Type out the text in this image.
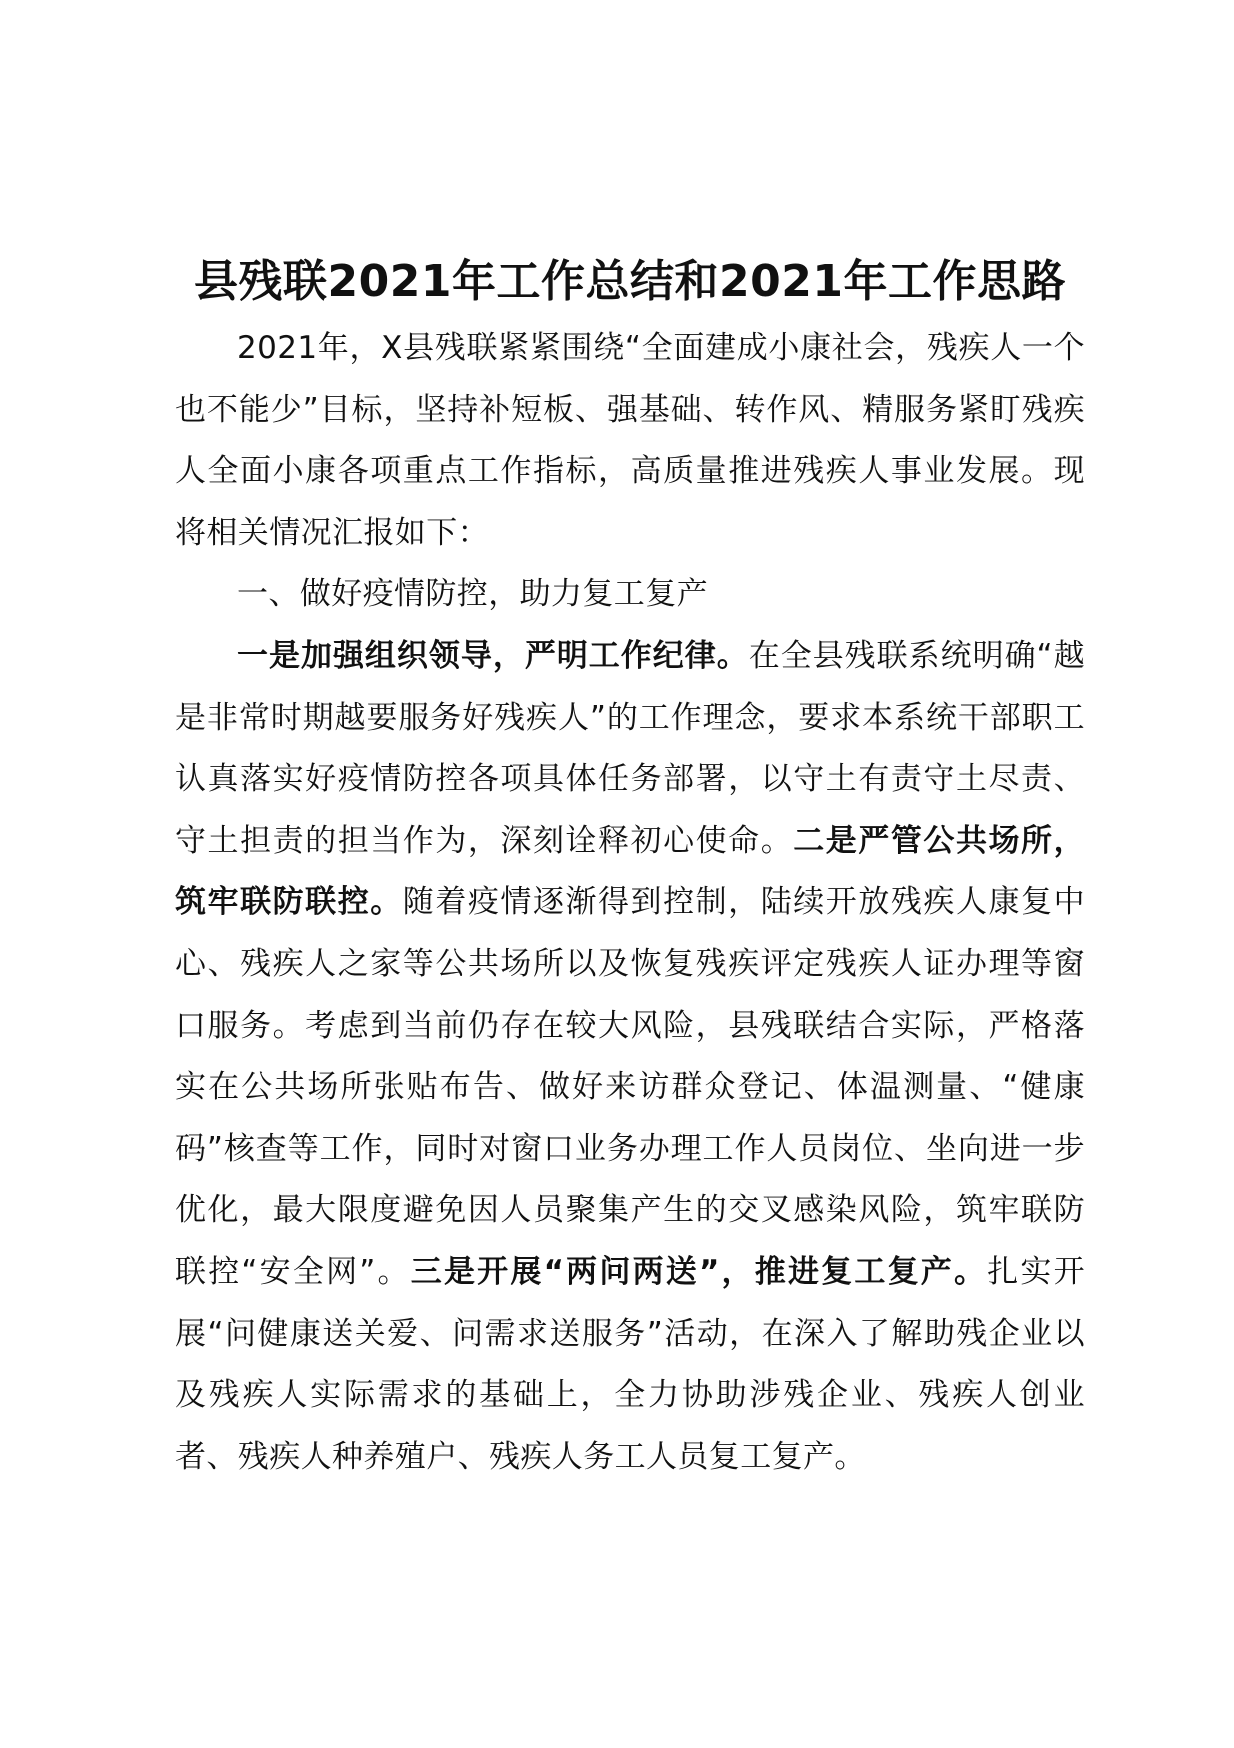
县残联2021年工作总结和2021年工作思路

2021年，X县残联紧紧围绕“全面建成小康社会，残疾人一个也不能少”目标，坚持补短板、强基础、转作风、精服务紧盯残疾人全面小康各项重点工作指标，高质量推进残疾人事业发展。现将相关情况汇报如下：

一、做好疫情防控，助力复工复产

一是加强组织领导，严明工作纪律。在全县残联系统明确“越是非常时期越要服务好残疾人”的工作理念，要求本系统干部职工认真落实好疫情防控各项具体任务部署，以守土有责守土尽责、守土担责的担当作为，深刻诠释初心使命。二是严管公共场所，筑牢联防联控。随着疫情逐渐得到控制，陆续开放残疾人康复中心、残疾人之家等公共场所以及恢复残疾评定残疾人证办理等窗口服务。考虑到当前仍存在较大风险，县残联结合实际，严格落实在公共场所张贴布告、做好来访群众登记、体温测量、“健康码”核查等工作，同时对窗口业务办理工作人员岗位、坐向进一步优化，最大限度避免因人员聚集产生的交叉感染风险，筑牢联防联控“安全网”。三是开展“两问两送”，推进复工复产。扎实开展“问健康送关爱、问需求送服务”活动，在深入了解助残企业以及残疾人实际需求的基础上，全力协助涉残企业、残疾人创业者、残疾人种养殖户、残疾人务工人员复工复产。
